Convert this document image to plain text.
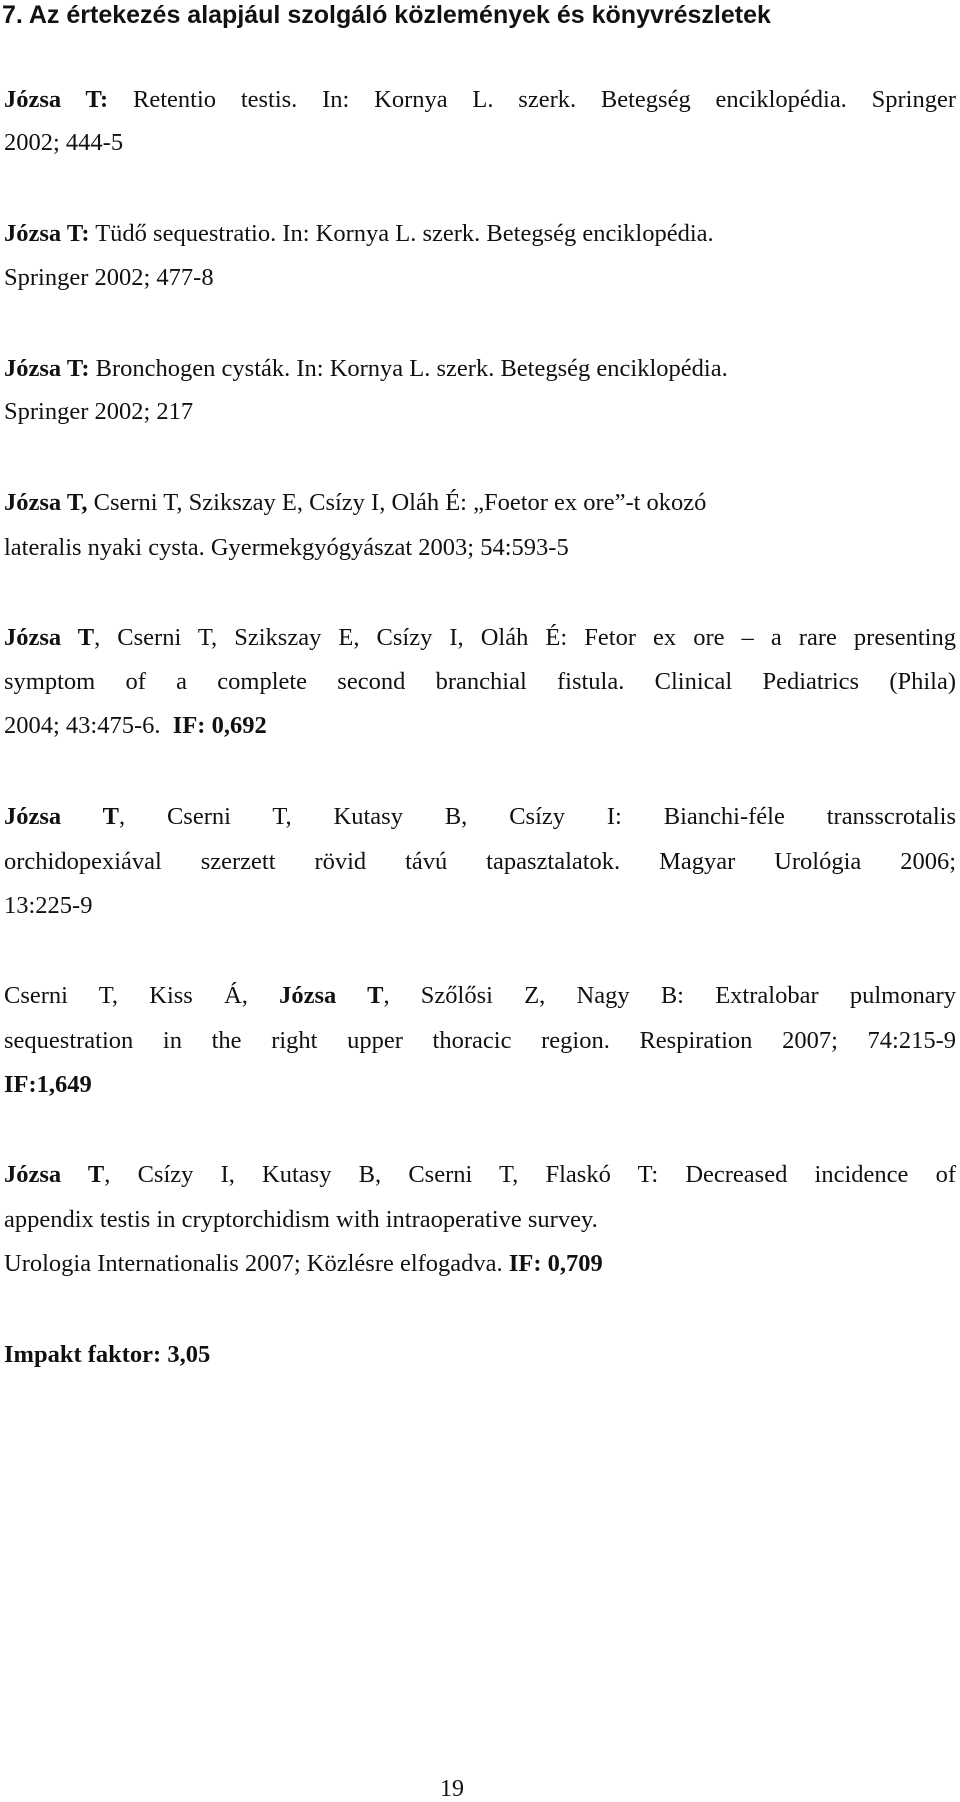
7. Az értekezés alapjául szolgáló közlemények és könyvrészletek
Józsa T: Retentio testis. In: Kornya L. szerk. Betegség enciklopédia. Springer
2002; 444-5
Józsa T: Tüdő sequestratio. In: Kornya L. szerk. Betegség enciklopédia.
Springer 2002; 477-8
Józsa T: Bronchogen cysták. In: Kornya L. szerk. Betegség enciklopédia.
Springer 2002; 217
Józsa T, Cserni T, Szikszay E, Csízy I, Oláh É: „Foetor ex ore”-t okozó
lateralis nyaki cysta. Gyermekgyógyászat 2003; 54:593-5
Józsa T, Cserni T, Szikszay E, Csízy I, Oláh É: Fetor ex ore – a rare presenting
symptom of a complete second branchial fistula. Clinical Pediatrics (Phila)
2004; 43:475-6. IF: 0,692
Józsa T, Cserni T, Kutasy B, Csízy I: Bianchi-féle transscrotalis
orchidopexiával szerzett rövid távú tapasztalatok. Magyar Urológia 2006;
13:225-9
Cserni T, Kiss Á, Józsa T, Szőlősi Z, Nagy B: Extralobar pulmonary
sequestration in the right upper thoracic region. Respiration 2007; 74:215-9
IF:1,649
Józsa T, Csízy I, Kutasy B, Cserni T, Flaskó T: Decreased incidence of
appendix testis in cryptorchidism with intraoperative survey.
Urologia Internationalis 2007; Közlésre elfogadva. IF: 0,709
Impakt faktor: 3,05
19
